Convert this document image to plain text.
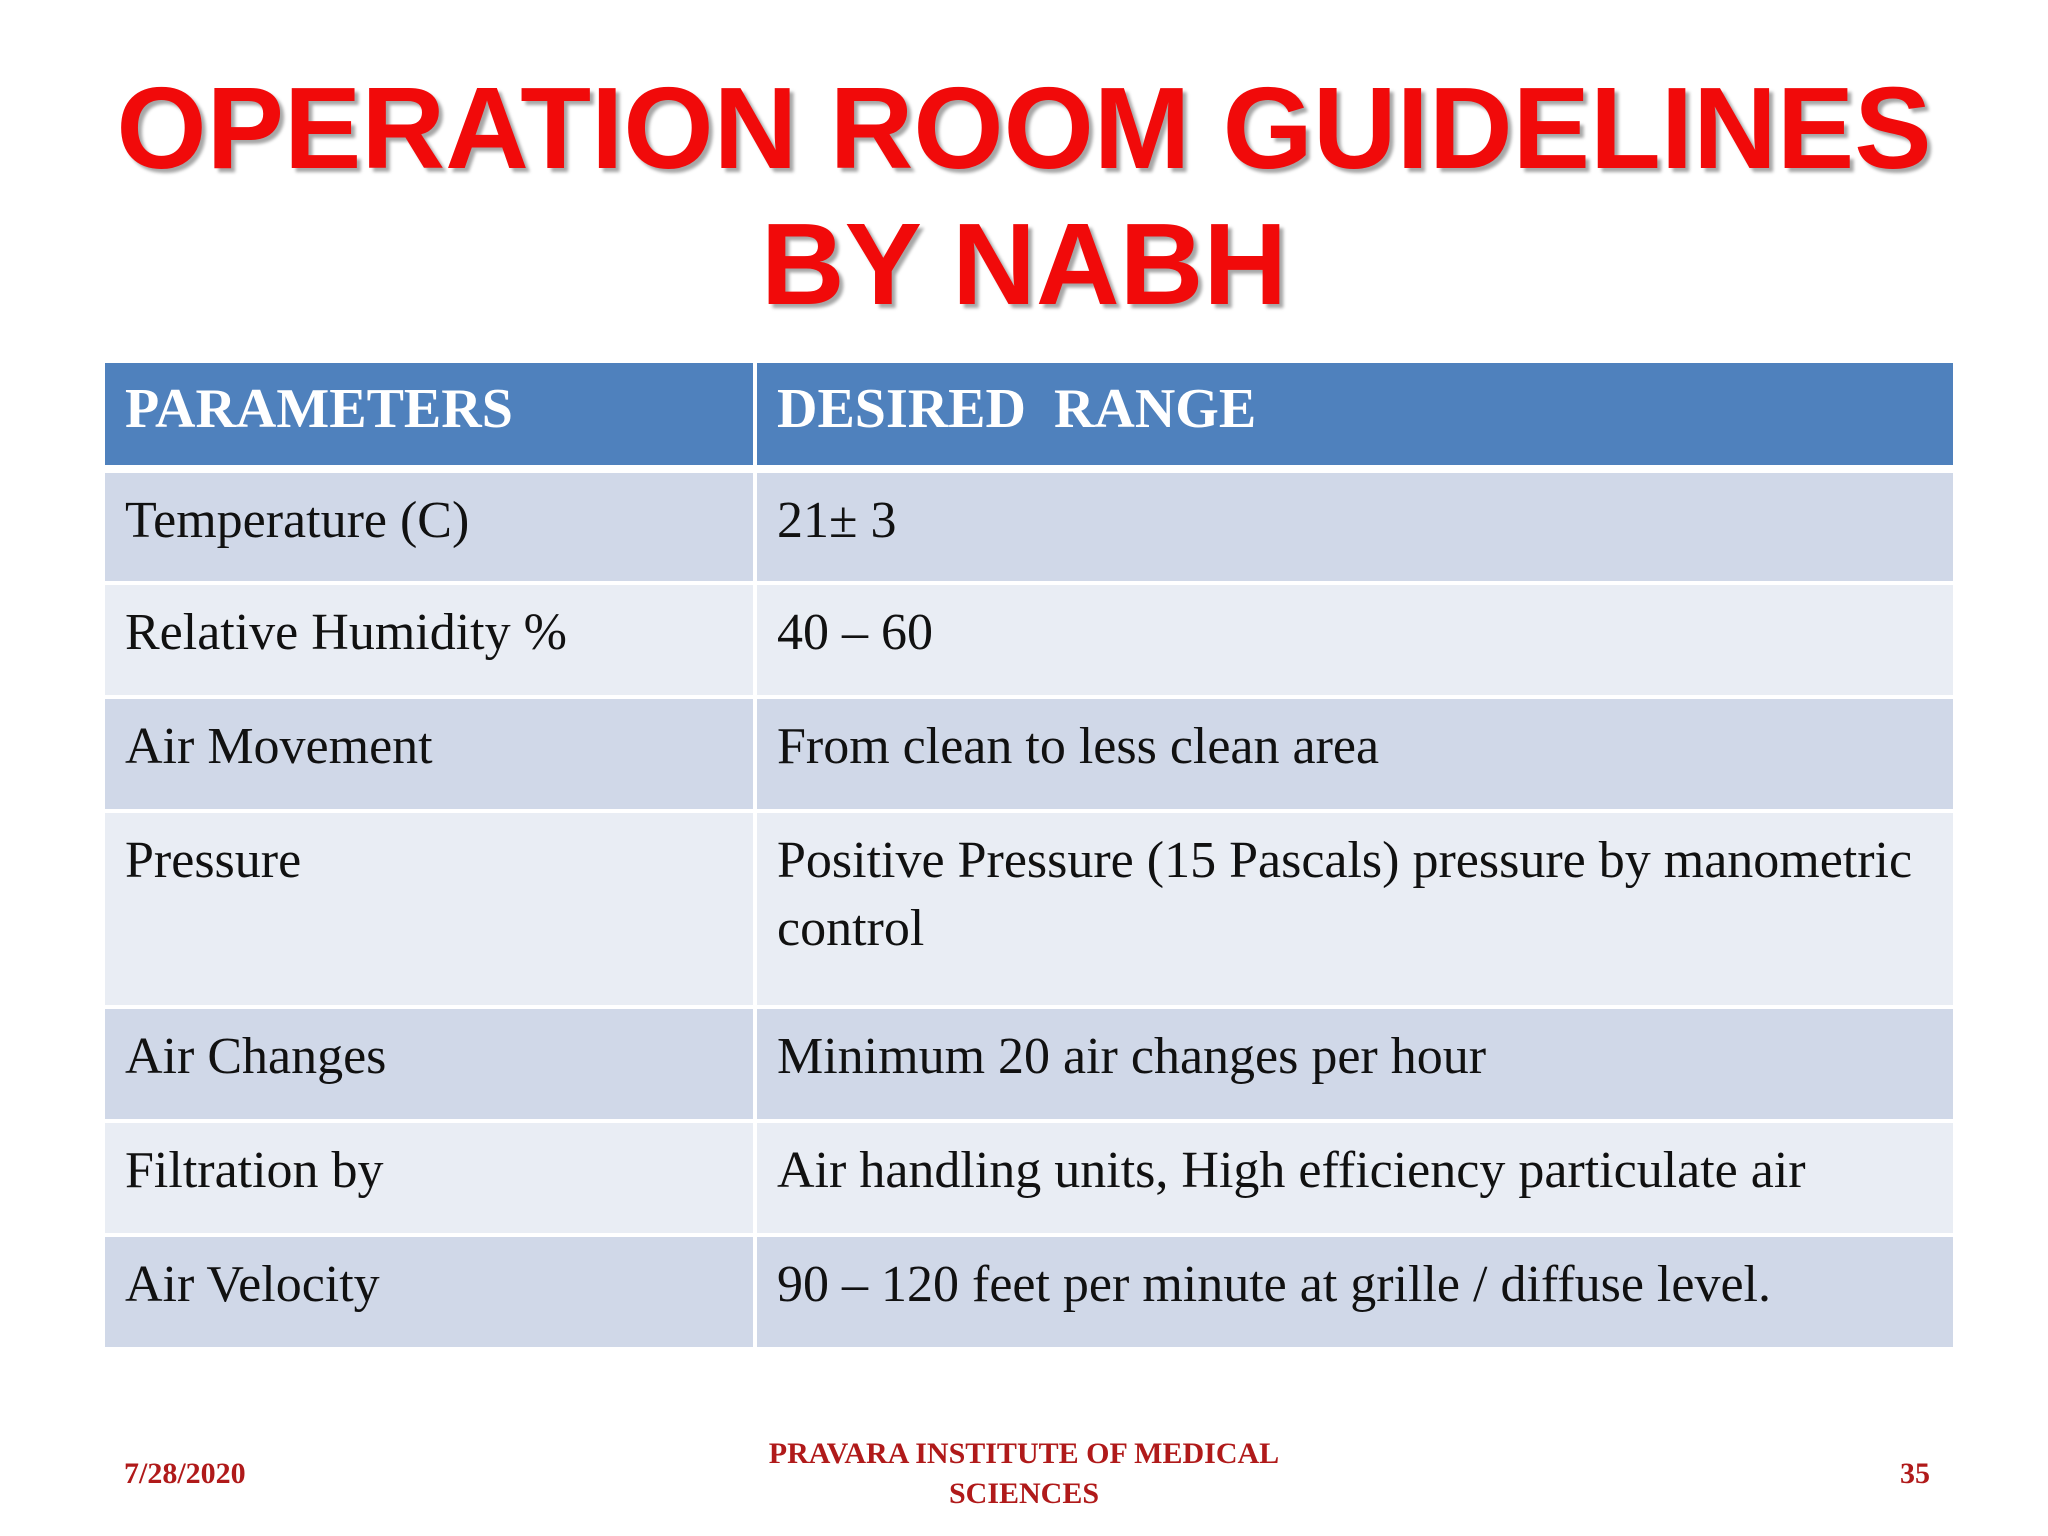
OPERATION ROOM GUIDELINES
BY NABH
PARAMETERS	DESIRED  RANGE
Temperature (C)	21± 3
Relative Humidity %	40 – 60
Air Movement	From clean to less clean area
Pressure	Positive Pressure (15 Pascals) pressure by manometric control
Air Changes	Minimum 20 air changes per hour
Filtration by	Air handling units, High efficiency particulate air
Air Velocity	90 – 120 feet per minute at grille / diffuse level.
7/28/2020
PRAVARA INSTITUTE OF MEDICAL SCIENCES
35
